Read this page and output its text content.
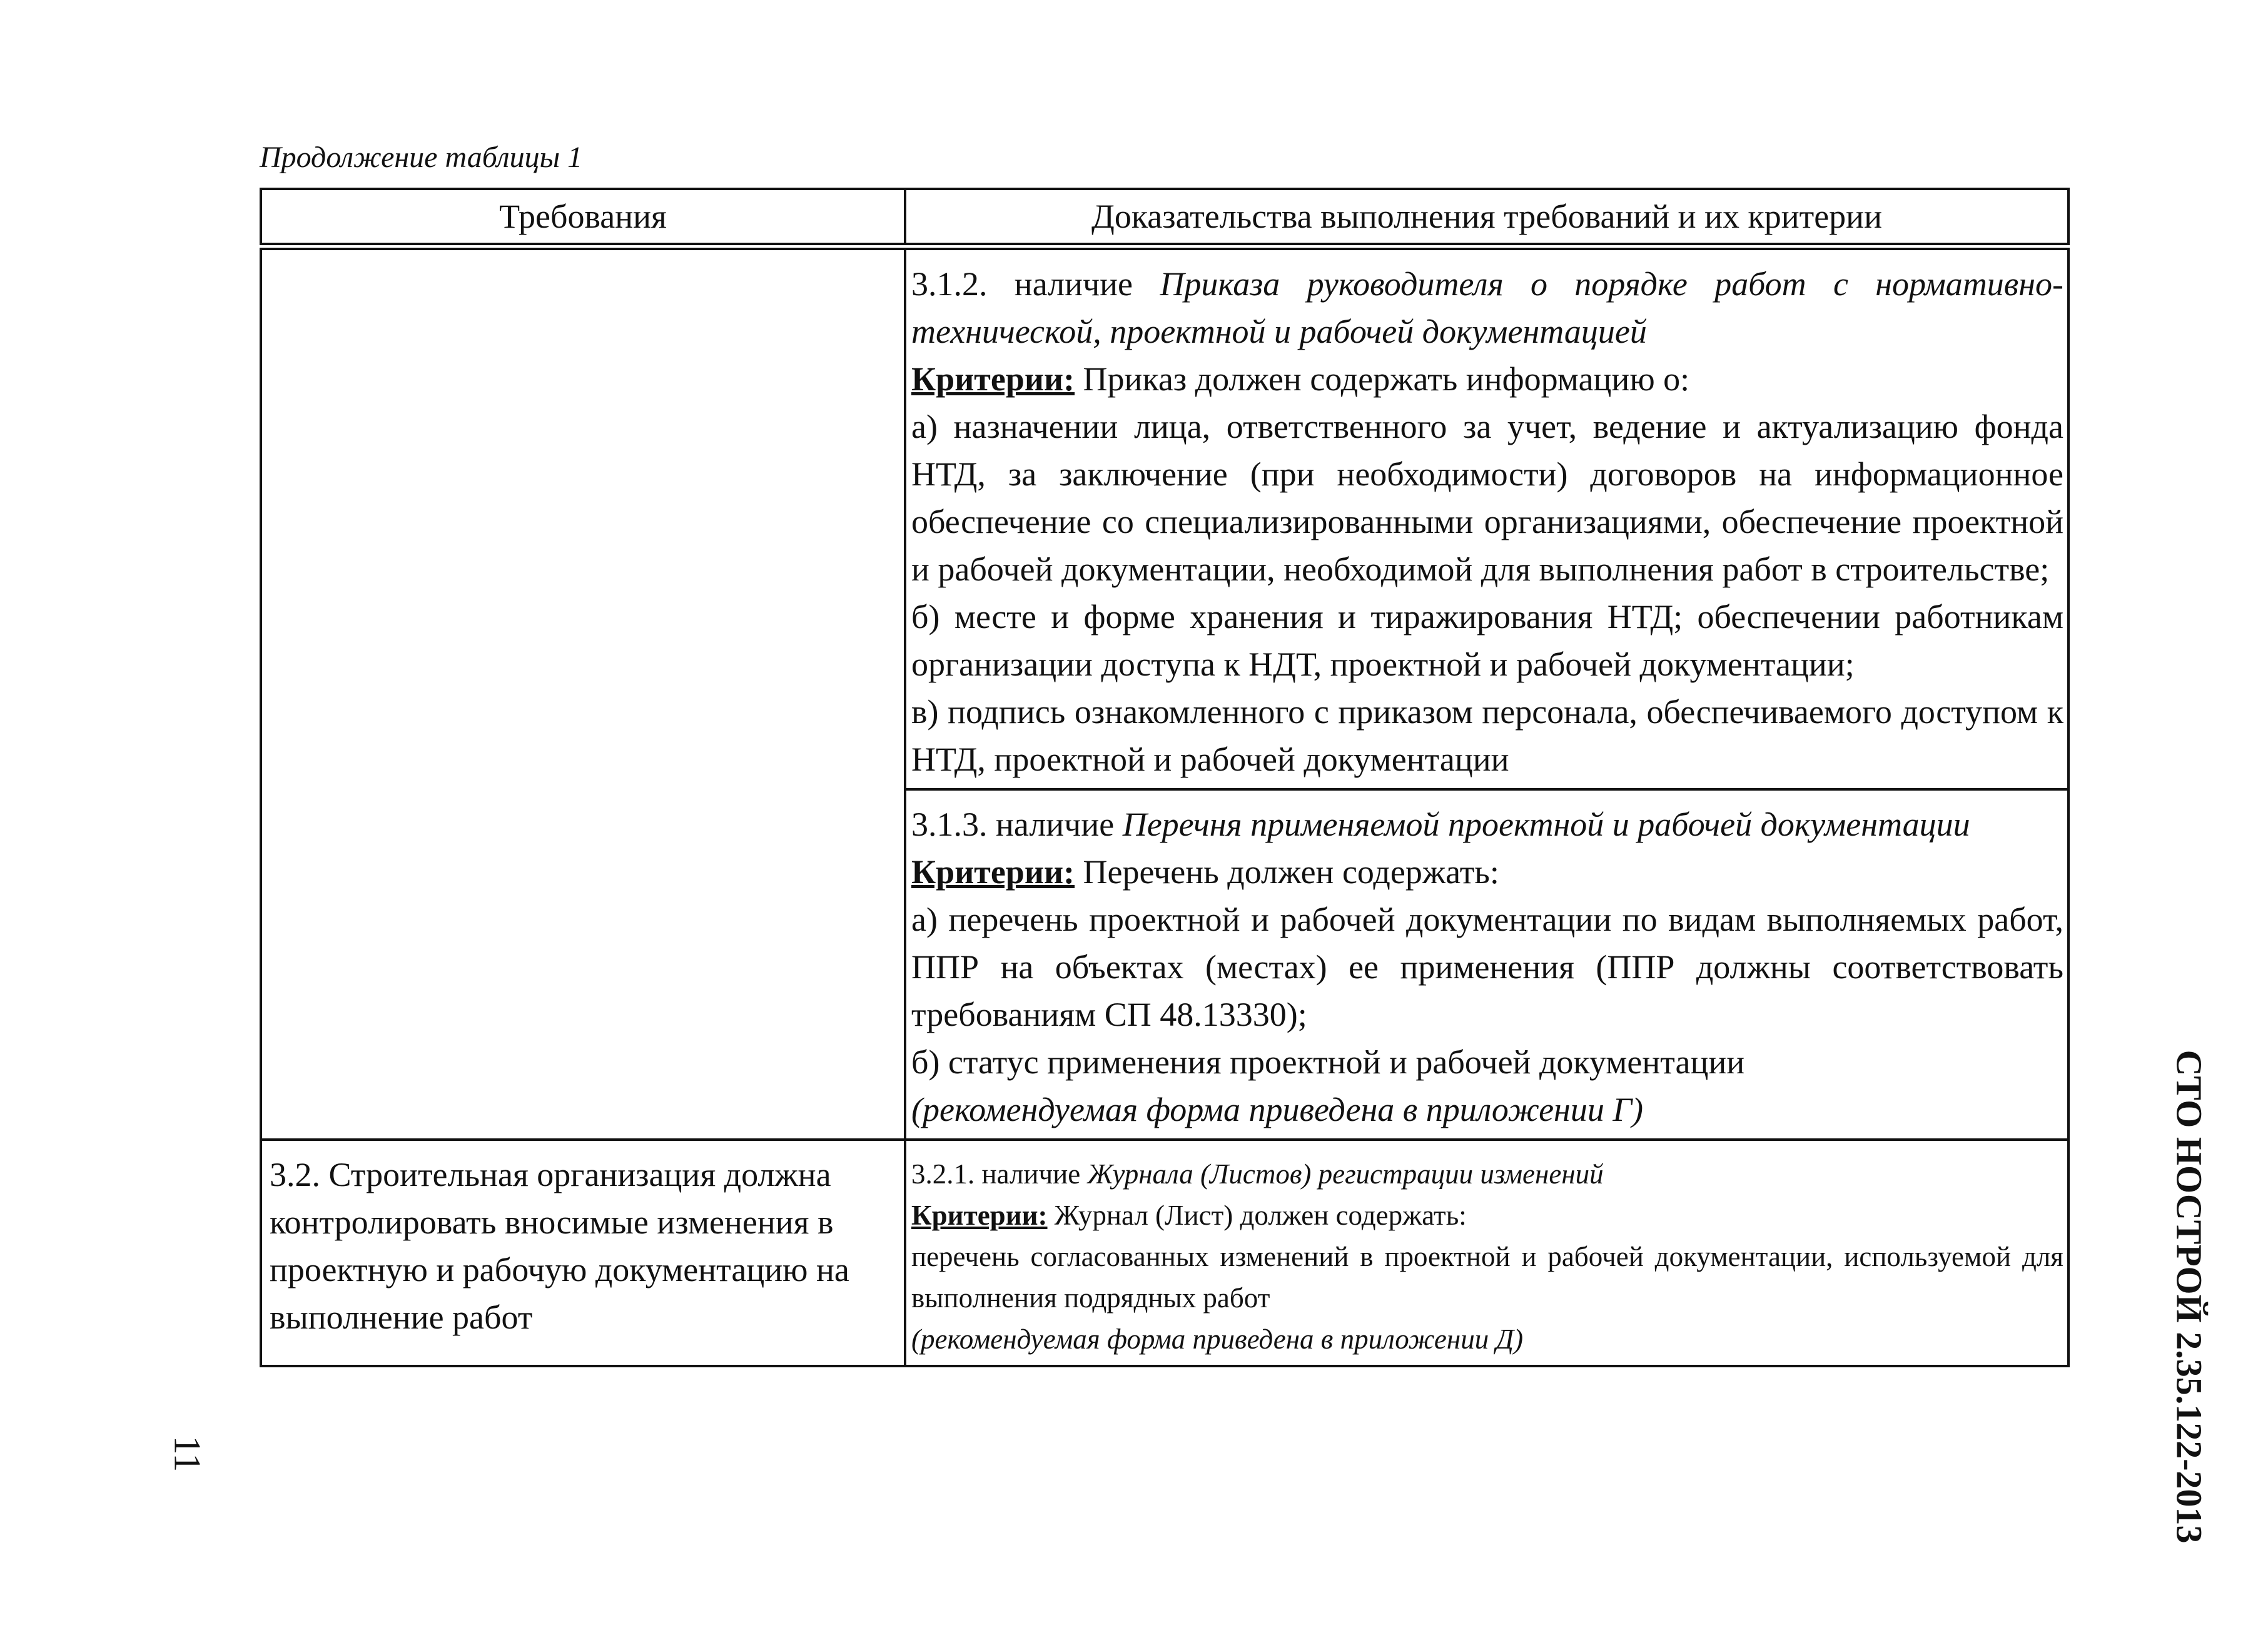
Продолжение таблицы 1
Требования	Доказательства выполнения требований и их критерии

	3.1.2. наличие Приказа руководителя о порядке работ с нормативно-технической, проектной и рабочей документацией

Критерии: Приказ должен содержать информацию о:

а) назначении лица, ответственного за учет, ведение и актуализацию фонда НТД, за заключение (при необходимости) договоров на информационное обеспечение со специализированными организациями, обеспечение проектной и рабочей документации, необходимой для выполнения работ в строительстве;

б) месте и форме хранения и тиражирования НТД; обеспечении работникам организации доступа к НДТ, проектной и рабочей документации;

в) подпись ознакомленного с приказом персонала, обеспечиваемого доступом к НТД, проектной и рабочей документации

	3.1.3. наличие Перечня применяемой проектной и рабочей документации

Критерии: Перечень должен содержать:

а) перечень проектной и рабочей документации по видам выполняемых работ, ППР на объектах (местах) ее применения (ППР должны соответствовать требованиям СП 48.13330);

б) статус применения проектной и рабочей документации

(рекомендуемая форма приведена в приложении Г)

3.2. Строительная организация должна контролировать вносимые изменения в проектную и рабочую документацию на выполнение работ	3.2.1. наличие Журнала (Листов) регистрации изменений

Критерии: Журнал (Лист) должен содержать:

перечень согласованных изменений в проектной и рабочей документации, используемой для выполнения подрядных работ

(рекомендуемая форма приведена в приложении Д)

11	СТО НОСТРОЙ 2.35.122-2013
